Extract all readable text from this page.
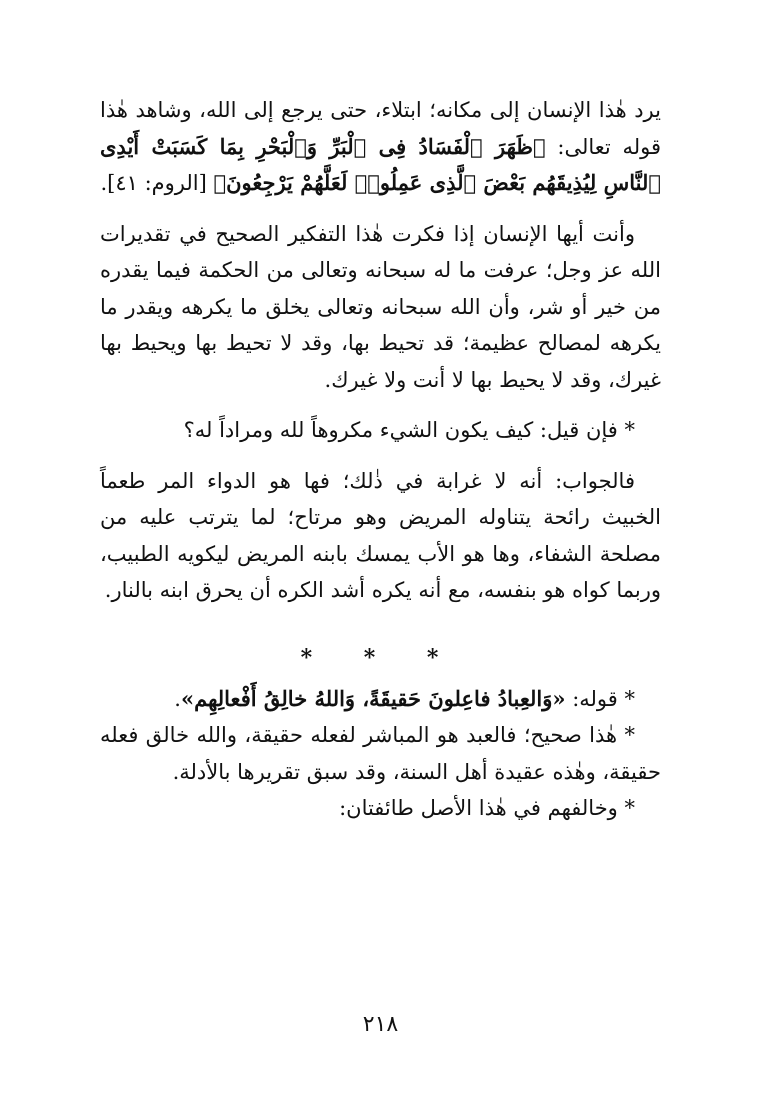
يرد هٰذا الإنسان إلى مكانه؛ ابتلاء، حتى يرجع إلى الله، وشاهد هٰذا قوله تعالى: ﴿ظَهَرَ ٱلْفَسَادُ فِى ٱلْبَرِّ وَٱلْبَحْرِ بِمَا كَسَبَتْ أَيْدِى ٱلنَّاسِ لِيُذِيقَهُم بَعْضَ ٱلَّذِى عَمِلُوا۟ لَعَلَّهُمْ يَرْجِعُونَ﴾ [الروم: ٤١].

وأنت أيها الإنسان إذا فكرت هٰذا التفكير الصحيح في تقديرات الله عز وجل؛ عرفت ما له سبحانه وتعالى من الحكمة فيما يقدره من خير أو شر، وأن الله سبحانه وتعالى يخلق ما يكرهه ويقدر ما يكرهه لمصالح عظيمة؛ قد تحيط بها، وقد لا تحيط بها ويحيط بها غيرك، وقد لا يحيط بها لا أنت ولا غيرك.

* فإن قيل: كيف يكون الشيء مكروهاً لله ومراداً له؟

فالجواب: أنه لا غرابة في ذٰلك؛ فها هو الدواء المر طعماً الخبيث رائحة يتناوله المريض وهو مرتاح؛ لما يترتب عليه من مصلحة الشفاء، وها هو الأب يمسك بابنه المريض ليكويه الطبيب، وربما كواه هو بنفسه، مع أنه يكره أشد الكره أن يحرق ابنه بالنار.

* * *

* قوله: «وَالعِبادُ فاعِلونَ حَقيقَةً، وَاللهُ خالِقُ أَفْعالِهِم».

* هٰذا صحيح؛ فالعبد هو المباشر لفعله حقيقة، والله خالق فعله حقيقة، وهٰذه عقيدة أهل السنة، وقد سبق تقريرها بالأدلة.

* وخالفهم في هٰذا الأصل طائفتان:

٢١٨
